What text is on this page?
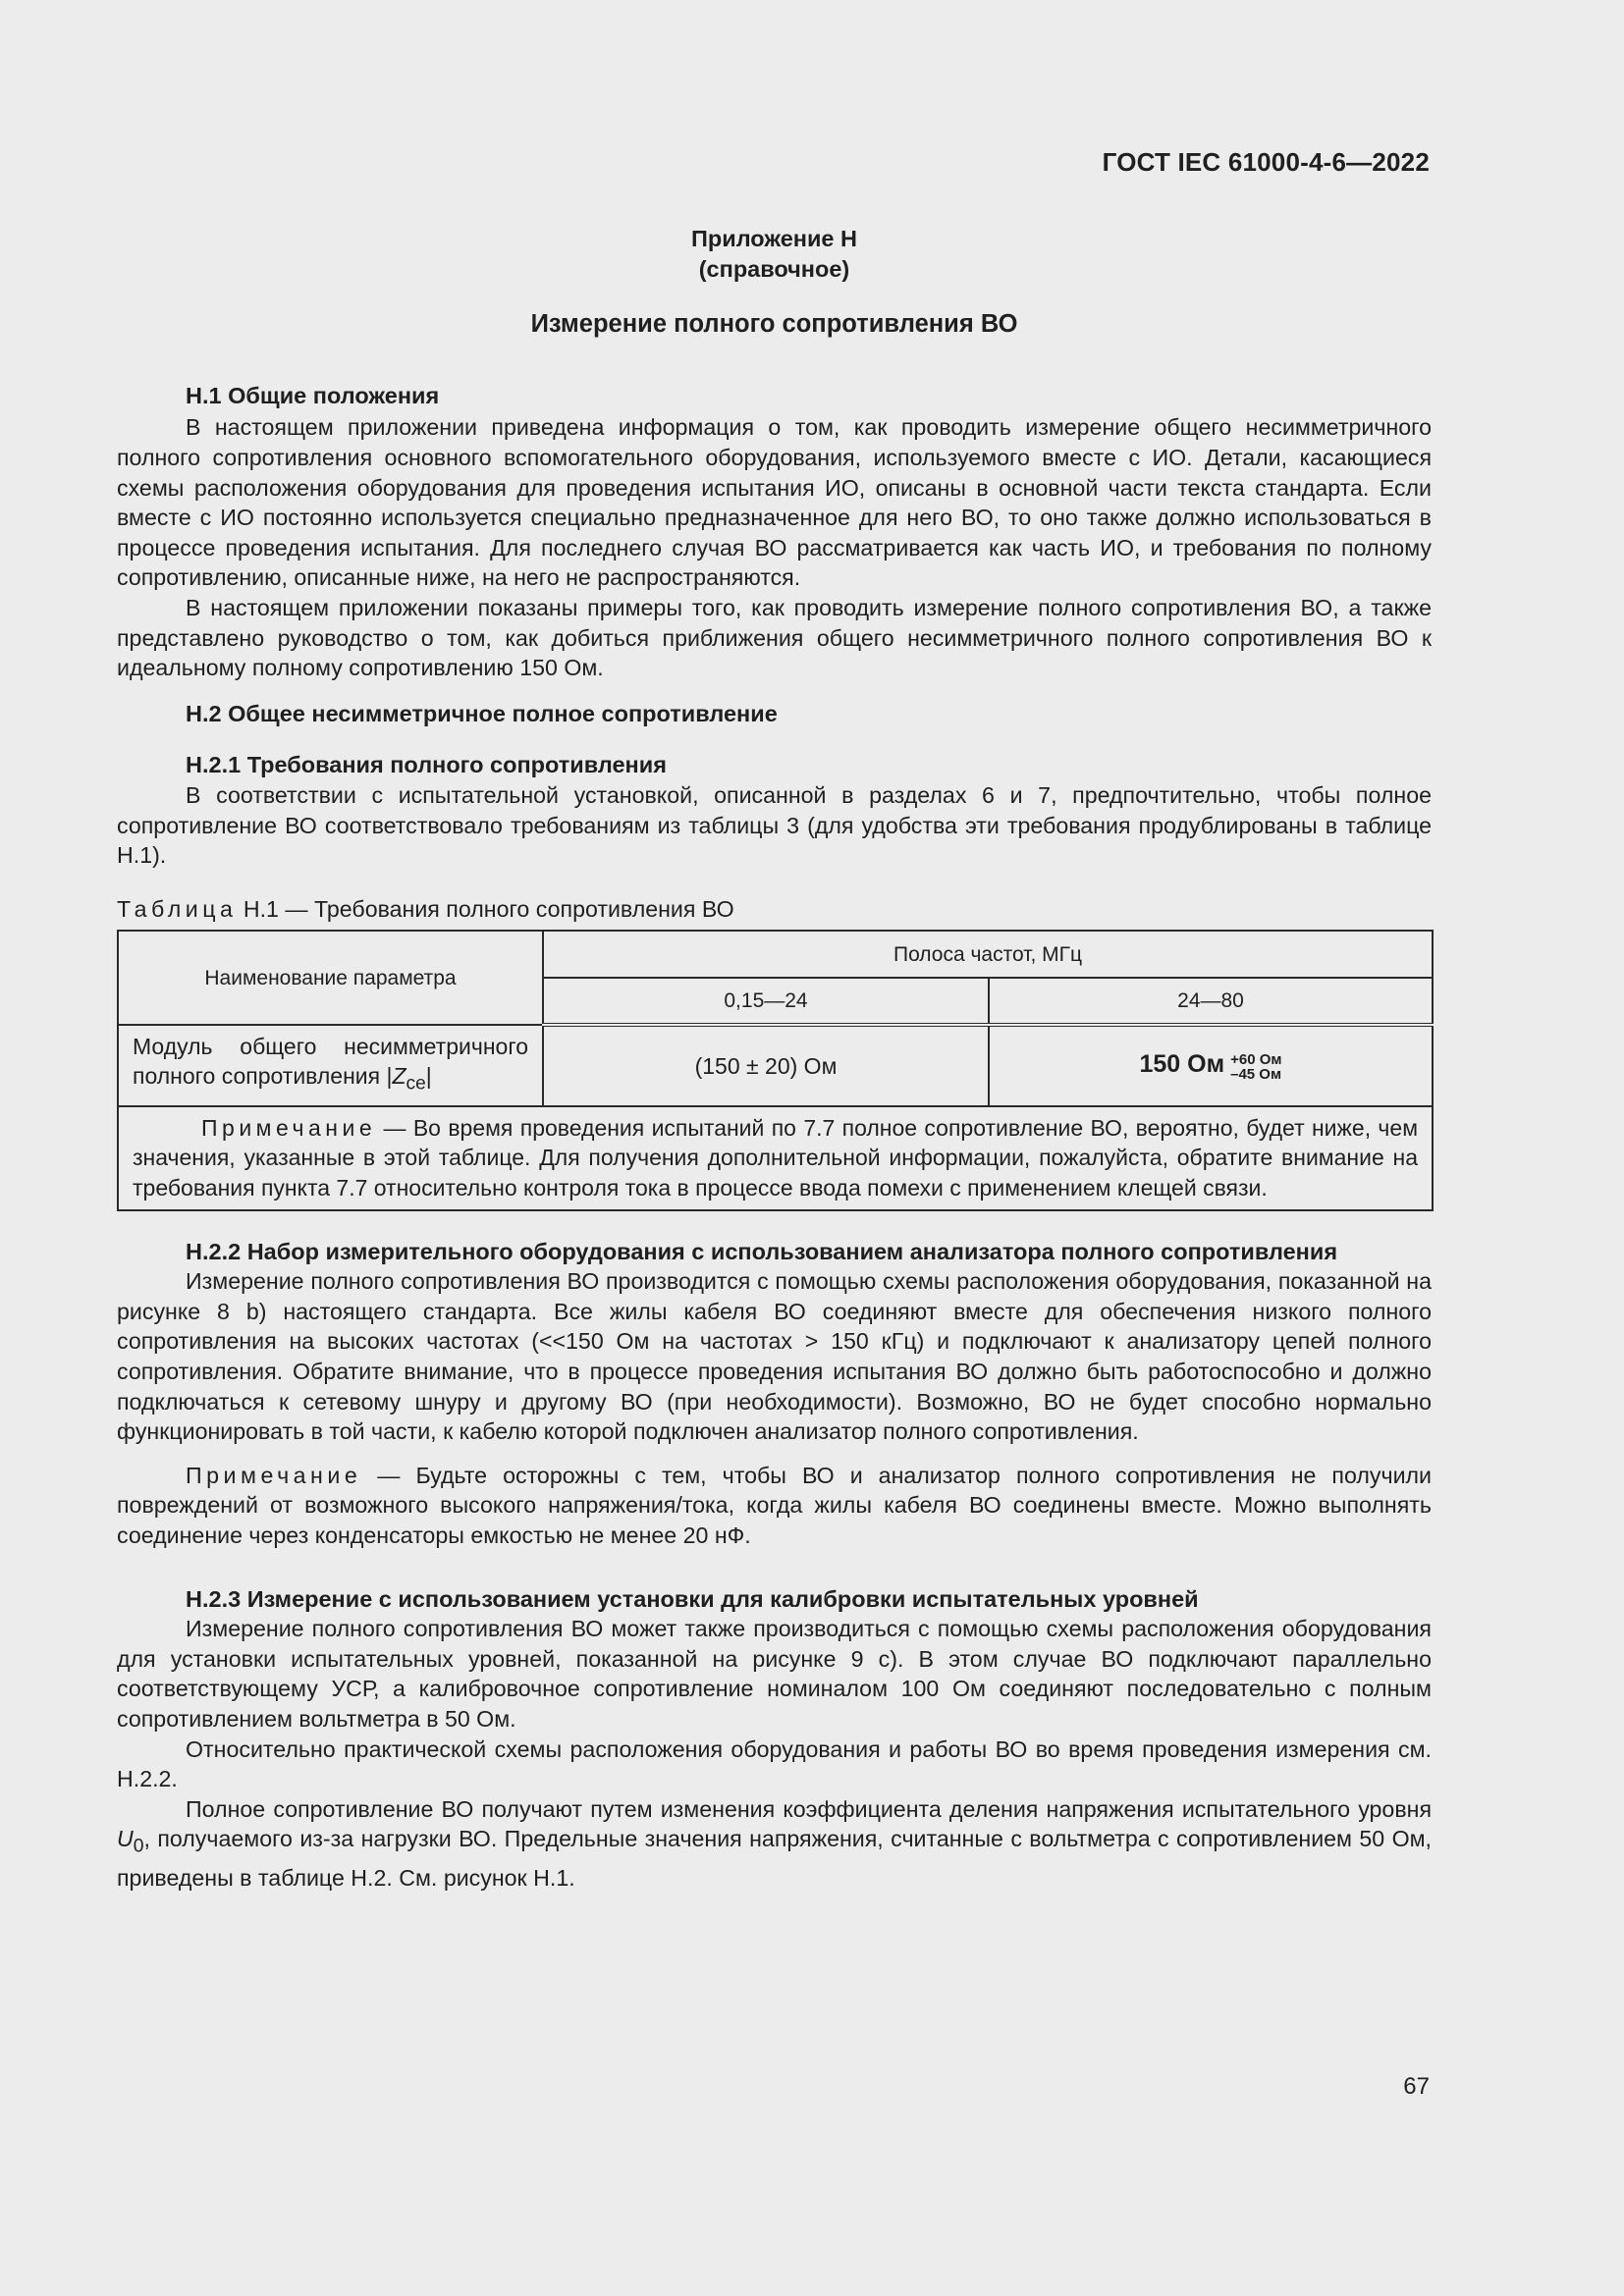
ГОСТ IEC 61000-4-6—2022

Приложение H

(справочное)

Измерение полного сопротивления ВО

H.1 Общие положения

В настоящем приложении приведена информация о том, как проводить измерение общего несимметричного полного сопротивления основного вспомогательного оборудования, используемого вместе с ИО. Детали, касающиеся схемы расположения оборудования для проведения испытания ИО, описаны в основной части текста стандарта. Если вместе с ИО постоянно используется специально предназначенное для него ВО, то оно также должно использоваться в процессе проведения испытания. Для последнего случая ВО рассматривается как часть ИО, и требования по полному сопротивлению, описанные ниже, на него не распространяются.

В настоящем приложении показаны примеры того, как проводить измерение полного сопротивления ВО, а также представлено руководство о том, как добиться приближения общего несимметричного полного сопротивления ВО к идеальному полному сопротивлению 150 Ом.

H.2 Общее несимметричное полное сопротивление

H.2.1 Требования полного сопротивления

В соответствии с испытательной установкой, описанной в разделах 6 и 7, предпочтительно, чтобы полное сопротивление ВО соответствовало требованиям из таблицы 3 (для удобства эти требования продублированы в таблице H.1).

Таблица H.1 — Требования полного сопротивления ВО

Наименование параметра	Полоса частот, МГц	
	0,15—24	24—80
Модуль общего несимметричного полного сопротивления $|Z_{ce}|$	(150 ± 20) Ом	150 Ом +60 Ом
–45 Ом
Примечание — Во время проведения испытаний по 7.7 полное сопротивление ВО, вероятно, будет ниже, чем значения, указанные в этой таблице. Для получения дополнительной информации, пожалуйста, обратите внимание на требования пункта 7.7 относительно контроля тока в процессе ввода помехи с применением клещей связи.		

H.2.2 Набор измерительного оборудования с использованием анализатора полного сопротивления

Измерение полного сопротивления ВО производится с помощью схемы расположения оборудования, показанной на рисунке 8 b) настоящего стандарта. Все жилы кабеля ВО соединяют вместе для обеспечения низкого полного сопротивления на высоких частотах (<<150 Ом на частотах > 150 кГц) и подключают к анализатору цепей полного сопротивления. Обратите внимание, что в процессе проведения испытания ВО должно быть работоспособно и должно подключаться к сетевому шнуру и другому ВО (при необходимости). Возможно, ВО не будет способно нормально функционировать в той части, к кабелю которой подключен анализатор полного сопротивления.

Примечание — Будьте осторожны с тем, чтобы ВО и анализатор полного сопротивления не получили повреждений от возможного высокого напряжения/тока, когда жилы кабеля ВО соединены вместе. Можно выполнять соединение через конденсаторы емкостью не менее 20 нФ.

H.2.3 Измерение с использованием установки для калибровки испытательных уровней

Измерение полного сопротивления ВО может также производиться с помощью схемы расположения оборудования для установки испытательных уровней, показанной на рисунке 9 c). В этом случае ВО подключают параллельно соответствующему УСР, а калибровочное сопротивление номиналом 100 Ом соединяют последовательно с полным сопротивлением вольтметра в 50 Ом.

Относительно практической схемы расположения оборудования и работы ВО во время проведения измерения см. H.2.2.

Полное сопротивление ВО получают путем изменения коэффициента деления напряжения испытательного уровня $U_0$, получаемого из-за нагрузки ВО. Предельные значения напряжения, считанные с вольтметра с сопротивлением 50 Ом, приведены в таблице H.2. См. рисунок H.1.

67
